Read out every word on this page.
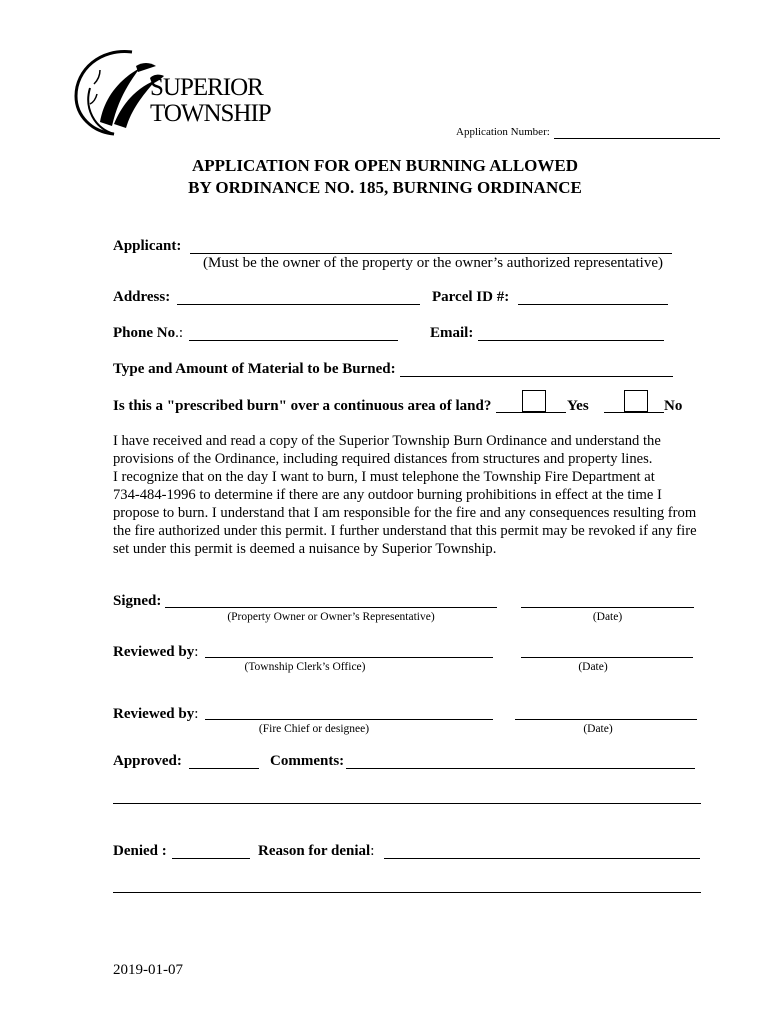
SUPERIOR
TOWNSHIP
Application Number:
APPLICATION FOR OPEN BURNING ALLOWED
BY ORDINANCE NO. 185, BURNING ORDINANCE
Applicant:
(Must be the owner of the property or the owner’s authorized representative)
Address:	Parcel ID #:
Phone No.:	Email:
Type and Amount of Material to be Burned:
Is this a "prescribed burn" over a continuous area of land?	Yes	No
I have received and read a copy of the Superior Township Burn Ordinance and understand the
provisions of the Ordinance, including required distances from structures and property lines.
I recognize that on the day I want to burn, I must telephone the Township Fire Department at
734-484-1996 to determine if there are any outdoor burning prohibitions in effect at the time I
propose to burn. I understand that I am responsible for the fire and any consequences resulting from
the fire authorized under this permit. I further understand that this permit may be revoked if any fire
set under this permit is deemed a nuisance by Superior Township.
Signed:
(Property Owner or Owner’s Representative)	(Date)
Reviewed by:
(Township Clerk’s Office)	(Date)
Reviewed by:
(Fire Chief or designee)	(Date)
Approved:	Comments:
Denied :	Reason for denial:
2019-01-07
